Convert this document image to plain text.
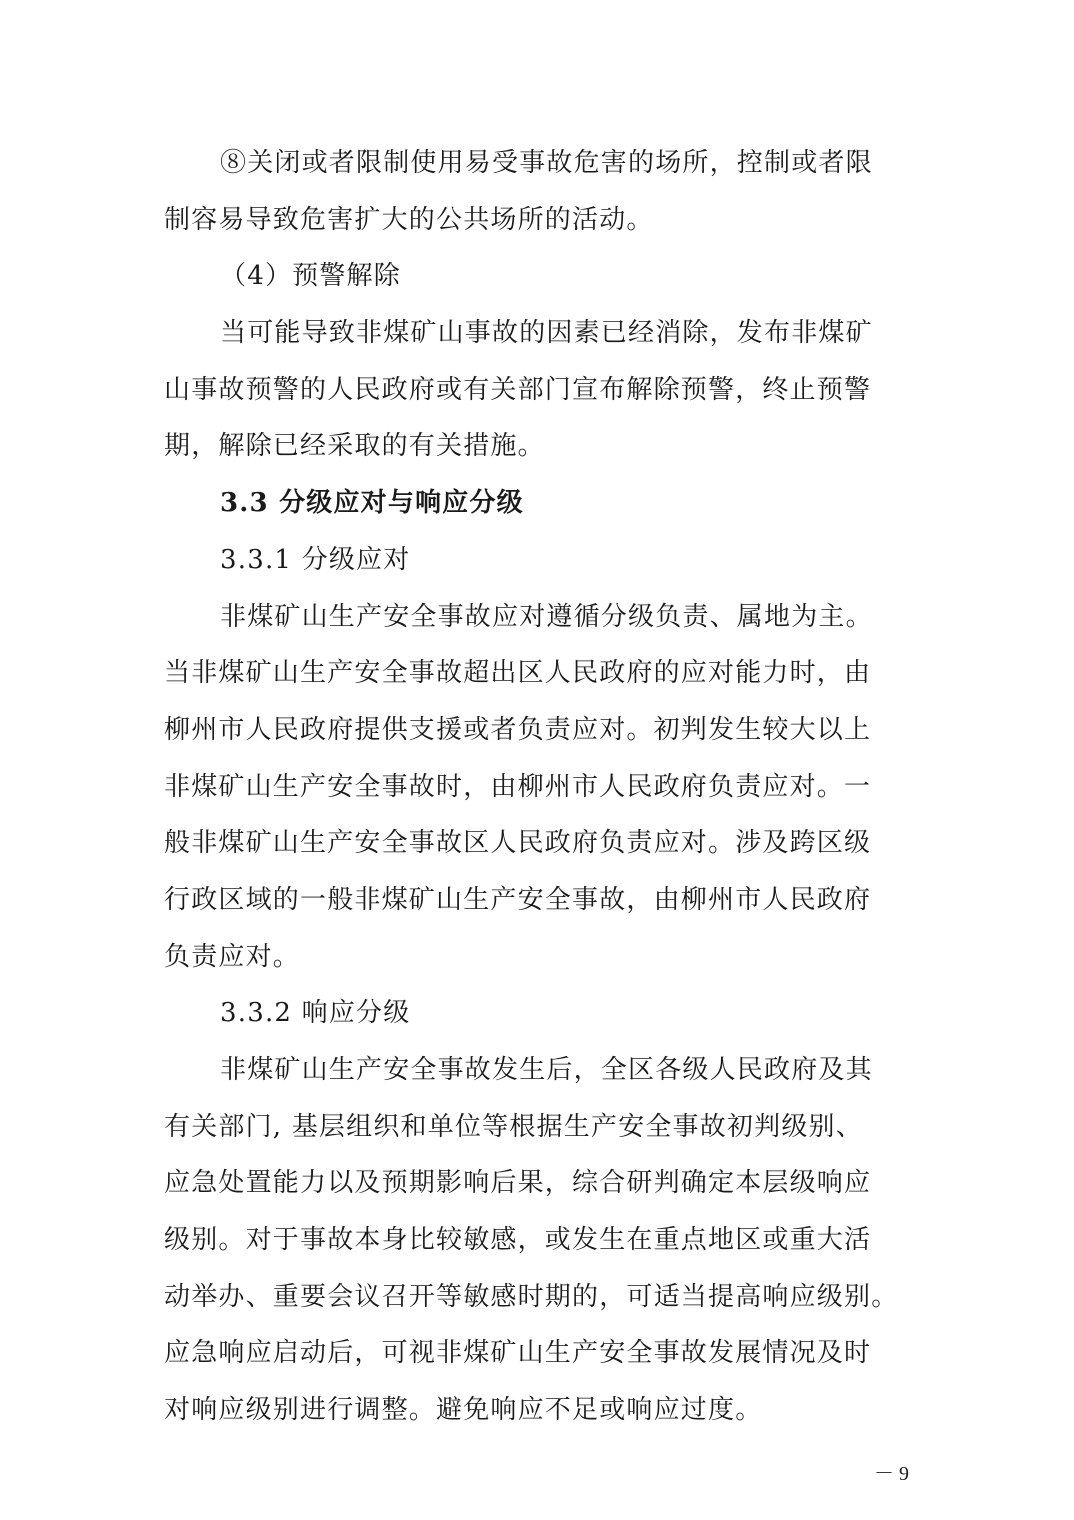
⑧关闭或者限制使用易受事故危害的场所，控制或者限
制容易导致危害扩大的公共场所的活动。
（4）预警解除
当可能导致非煤矿山事故的因素已经消除，发布非煤矿
山事故预警的人民政府或有关部门宣布解除预警，终止预警
期，解除已经采取的有关措施。
3.3 分级应对与响应分级
3.3.1 分级应对
非煤矿山生产安全事故应对遵循分级负责、属地为主。
当非煤矿山生产安全事故超出区人民政府的应对能力时，由
柳州市人民政府提供支援或者负责应对。初判发生较大以上
非煤矿山生产安全事故时，由柳州市人民政府负责应对。一
般非煤矿山生产安全事故区人民政府负责应对。涉及跨区级
行政区域的一般非煤矿山生产安全事故，由柳州市人民政府
负责应对。
3.3.2 响应分级
非煤矿山生产安全事故发生后，全区各级人民政府及其
有关部门, 基层组织和单位等根据生产安全事故初判级别、
应急处置能力以及预期影响后果，综合研判确定本层级响应
级别。对于事故本身比较敏感，或发生在重点地区或重大活
动举办、重要会议召开等敏感时期的，可适当提高响应级别。
应急响应启动后，可视非煤矿山生产安全事故发展情况及时
对响应级别进行调整。避免响应不足或响应过度。
－ 9
